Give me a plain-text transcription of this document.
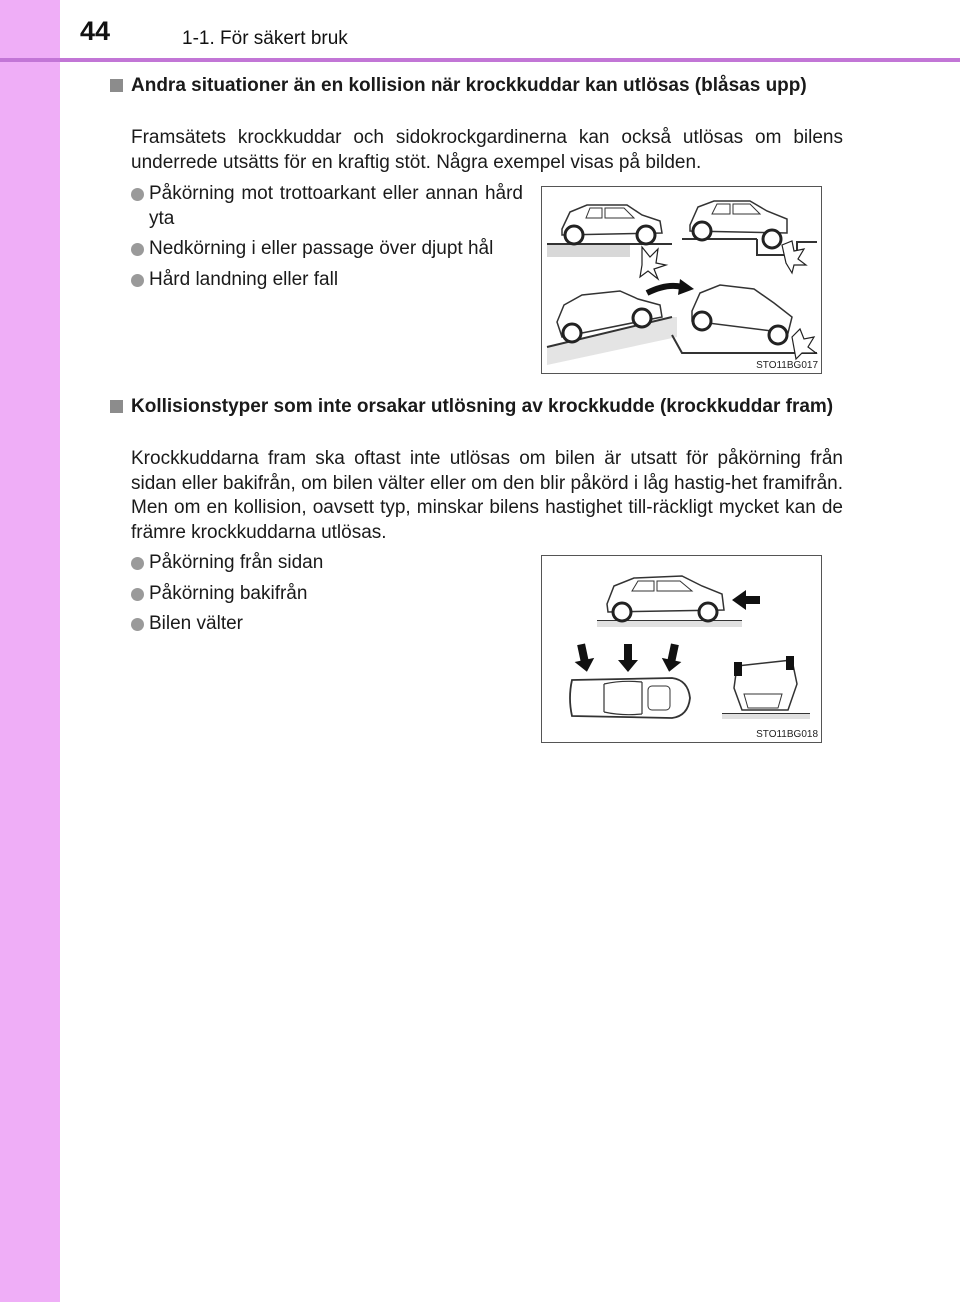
44	1-1. För säkert bruk
Andra situationer än en kollision när krockkuddar kan utlösas (blåsas upp)
Framsätets krockkuddar och sidokrockgardinerna kan också utlösas om bilens underrede utsätts för en kraftig stöt. Några exempel visas på bilden.
Påkörning mot trottoarkant eller annan hård yta
Nedkörning i eller passage över djupt hål
Hård landning eller fall
STO11BG017
Kollisionstyper som inte orsakar utlösning av krockkudde (krockkuddar fram)
Krockkuddarna fram ska oftast inte utlösas om bilen är utsatt för påkörning från sidan eller bakifrån, om bilen välter eller om den blir påkörd i låg hastig-het framifrån. Men om en kollision, oavsett typ, minskar bilens hastighet till-räckligt mycket kan de främre krockkuddarna utlösas.
Påkörning från sidan
Påkörning bakifrån
Bilen välter
STO11BG018
